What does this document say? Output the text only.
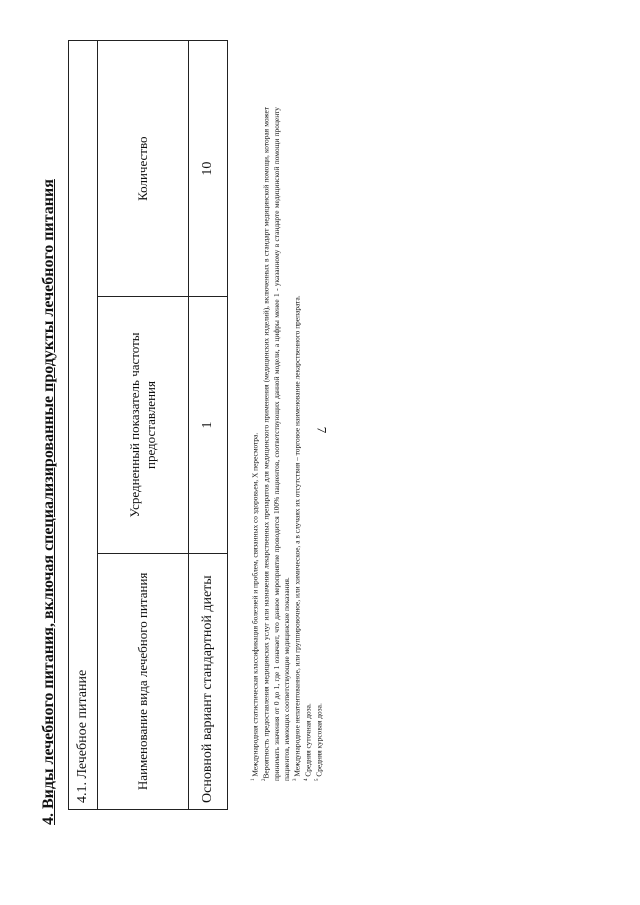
7
4. Виды лечебного питания, включая специализированные продукты лечебного питания 4.1. Лечебное питание		
Наименование вида лечебного питания	Усредненный показатель частоты предоставления	Количество
Основной вариант стандартной диеты	1	10

$^1$ Международная статистическая классификация болезней и проблем, связанных со здоровьем, X пересмотра.

$^2$Вероятность предоставления медицинских услуг или назначения лекарственных препаратов для медицинского применения (медицинских изделий), включенных в стандарт медицинской помощи, которая может принимать значения от 0 до 1, где 1 означает, что данное мероприятие проводится 100% пациентов, соответствующих данной модели, а цифры менее 1 - указанному в стандарте медицинской помощи проценту пациентов, имеющих соответствующие медицинские показания. $^3$ Международное непатентованное, или группировочное, или химическое, а в случаях их отсутствия – торговое наименование лекарственного препарата.

$^4$ Средняя суточная доза.

$^5$ Средняя курсовая доза.
